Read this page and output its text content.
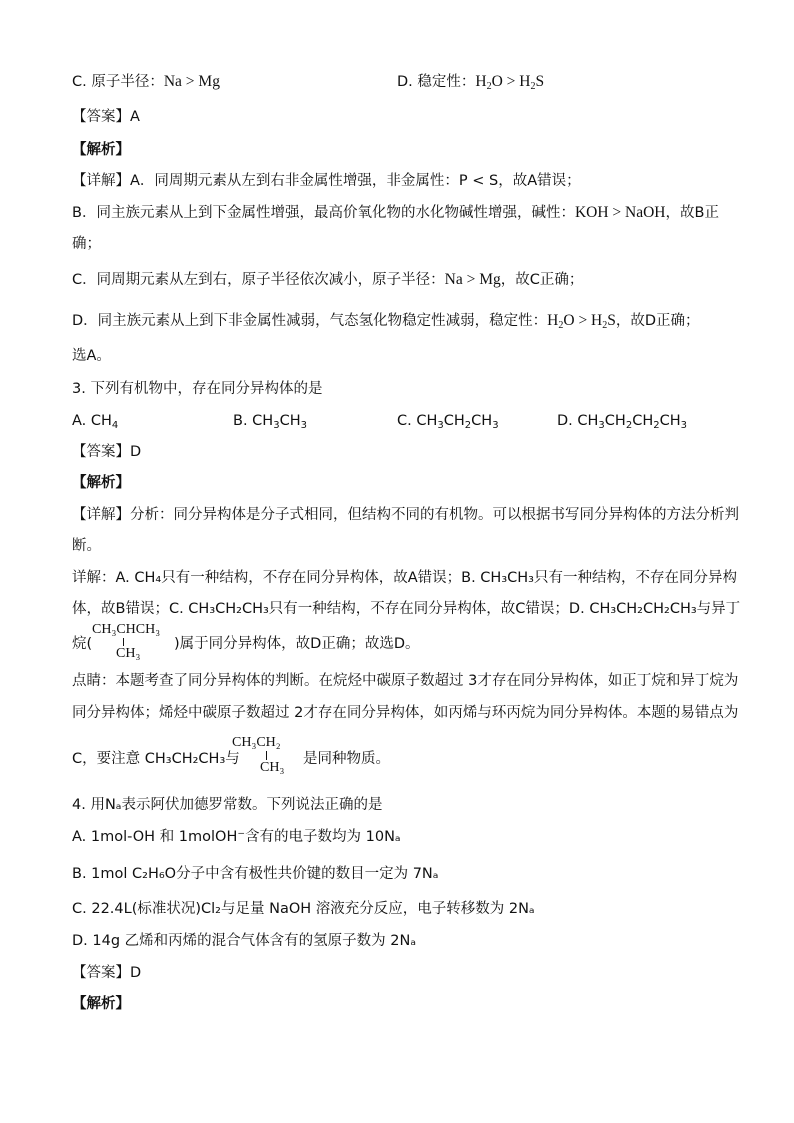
C. 原子半径：Na > Mg	D. 稳定性：$H_2O > H_2S$
【答案】A
【解析】
【详解】A．同周期元素从左到右非金属性增强，非金属性：P < S，故A错误；
B．同主族元素从上到下金属性增强，最高价氧化物的水化物碱性增强，碱性：KOH > NaOH，故B正
确；
C．同周期元素从左到右，原子半径依次减小，原子半径：Na > Mg，故C正确；
D．同主族元素从上到下非金属性减弱，气态氢化物稳定性减弱，稳定性：$H_2O > H_2S$，故D正确；
选A。
3. 下列有机物中，存在同分异构体的是
A. $CH_4$	B. $CH_3CH_3$	C. $CH_3CH_2CH_3$	D. $CH_3CH_2CH_2CH_3$
【答案】D
【解析】
【详解】分析：同分异构体是分子式相同，但结构不同的有机物。可以根据书写同分异构体的方法分析判
断。
详解：A. CH₄只有一种结构，不存在同分异构体，故A错误；B. CH₃CH₃只有一种结构，不存在同分异构
体，故B错误；C. CH₃CH₂CH₃只有一种结构，不存在同分异构体，故C错误；D. CH₃CH₂CH₂CH₃与异丁
烷(
CH₃CHCH₃
CH₃
)属于同分异构体，故D正确；故选D。
点睛：本题考查了同分异构体的判断。在烷烃中碳原子数超过 3才存在同分异构体，如正丁烷和异丁烷为
同分异构体；烯烃中碳原子数超过 2才存在同分异构体，如丙烯与环丙烷为同分异构体。本题的易错点为
C，要注意 CH₃CH₂CH₃与
CH₃CH₂
CH₃
是同种物质。
4. 用Nₐ表示阿伏加德罗常数。下列说法正确的是
A. 1mol-OH 和 1molOH⁻含有的电子数均为 10Nₐ
B. 1mol C₂H₆O分子中含有极性共价键的数目一定为 7Nₐ
C. 22.4L(标准状况)Cl₂与足量 NaOH 溶液充分反应，电子转移数为 2Nₐ
D. 14g 乙烯和丙烯的混合气体含有的氢原子数为 2Nₐ
【答案】D
【解析】
